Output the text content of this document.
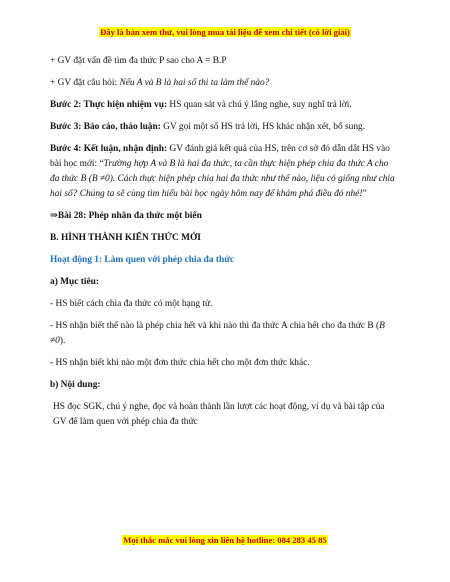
Đây là bản xem thử, vui lòng mua tài liệu để xem chi tiết (có lời giải)

+ GV đặt vấn đề tìm đa thức P sao cho A = B.P

+ GV đặt câu hỏi: Nếu A và B là hai số thì ta làm thế nào?

Bước 2: Thực hiện nhiệm vụ: HS quan sát và chú ý lắng nghe, suy nghĩ trả lời.

Bước 3: Báo cáo, thảo luận: GV gọi một số HS trả lời, HS khác nhận xét, bổ sung.

Bước 4: Kết luận, nhận định: GV đánh giá kết quả của HS, trên cơ sở đó dẫn dắt HS vào bài học mới: “Trường hợp A và B là hai đa thức, ta cần thực hiện phép chia đa thức A cho đa thức B (B ≠0). Cách thực hiện phép chia hai đa thức như thế nào, liệu có giống như chia hai số? Chúng ta sẽ cùng tìm hiểu bài học ngày hôm nay để khám phá điều đó nhé!”

⇒Bài 28: Phép nhân đa thức một biến

B. HÌNH THÀNH KIẾN THỨC MỚI

Hoạt động 1: Làm quen với phép chia đa thức

a) Mục tiêu:

- HS biết cách chia đa thức có một hạng tử.

- HS nhận biết thế nào là phép chia hết và khi nào thì đa thức A chia hết cho đa thức B (B ≠0).

- HS nhận biết khi nào một đơn thức chia hết cho một đơn thức khác.

b) Nội dung:

HS đọc SGK, chú ý nghe, đọc và hoàn thành lần lượt các hoạt động, ví dụ và bài tập của GV để làm quen với phép chia đa thức

Mọi thắc mắc vui lòng xin liên hệ hotline: 084 283 45 85
